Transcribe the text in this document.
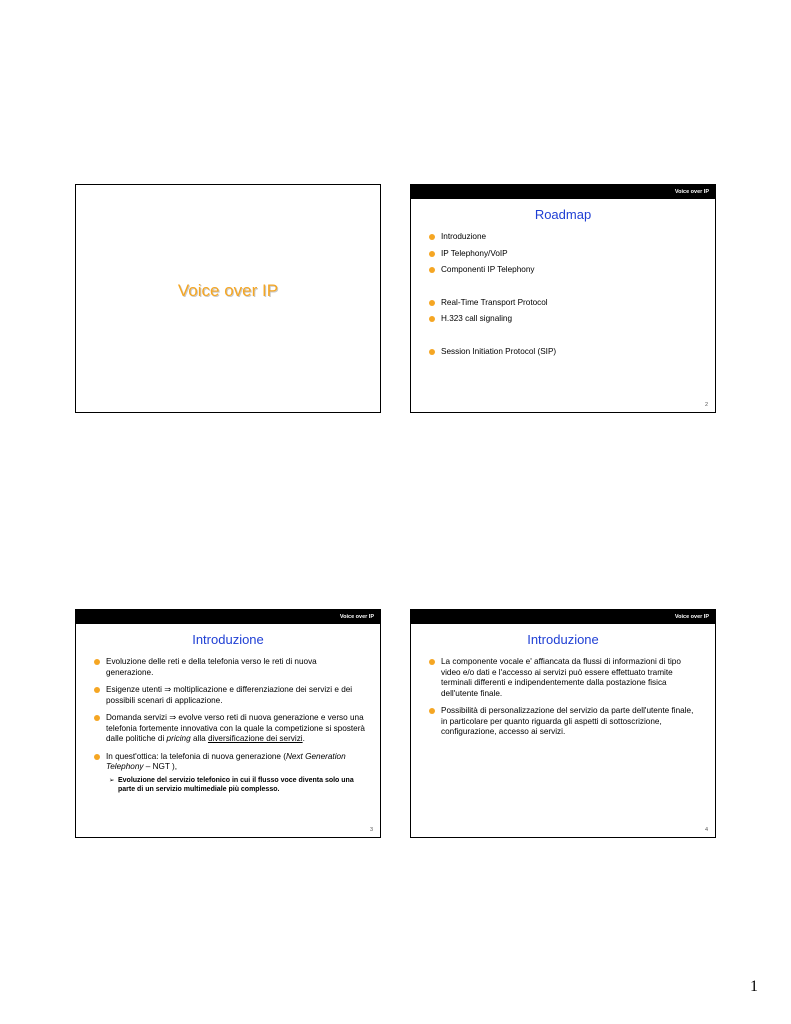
Voice over IP
Voice over IP
Roadmap
Introduzione
IP Telephony/VoIP
Componenti IP Telephony
Real-Time Transport Protocol
H.323 call signaling
Session Initiation Protocol (SIP)
2
Voice over IP
Introduzione
Evoluzione delle reti e della telefonia verso le reti di nuova generazione.
Esigenze utenti ⇒ moltiplicazione e differenziazione dei servizi e dei possibili scenari di applicazione.
Domanda servizi ⇒ evolve verso reti di nuova generazione e verso una telefonia fortemente innovativa con la quale la competizione si sposterà dalle politiche di pricing alla diversificazione dei servizi.
In quest'ottica: la telefonia di nuova generazione (Next Generation Telephony – NGT ),
➢ Evoluzione del servizio telefonico in cui il flusso voce diventa solo una parte di un servizio multimediale più complesso.
3
Voice over IP
Introduzione
La componente vocale e' affiancata da flussi di informazioni di tipo video e/o dati e l'accesso ai servizi può essere effettuato tramite terminali differenti e indipendentemente dalla postazione fisica dell'utente finale.
Possibilità di personalizzazione del servizio da parte dell'utente finale, in particolare per quanto riguarda gli aspetti di sottoscrizione, configurazione, accesso ai servizi.
4
1
